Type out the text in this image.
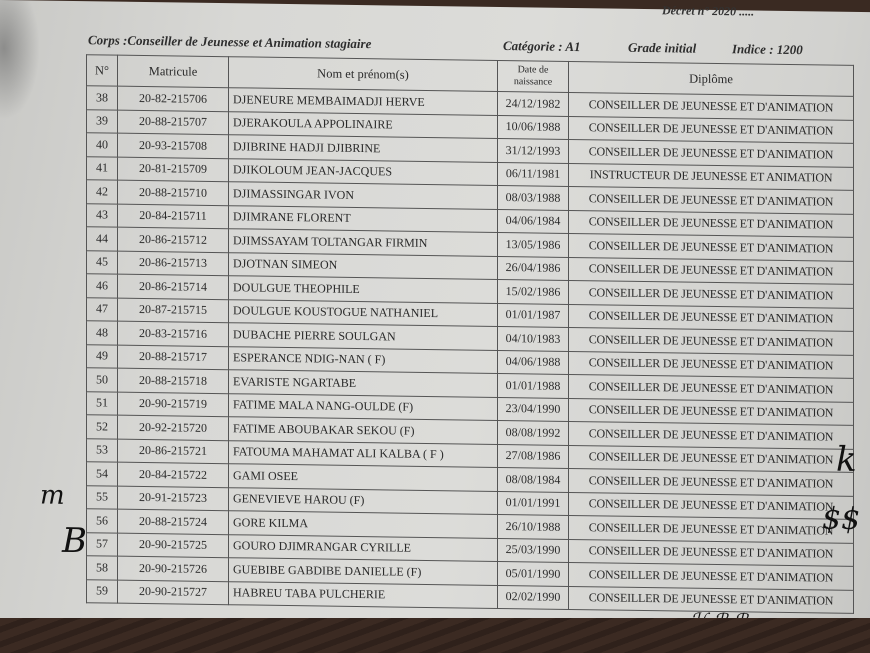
Décret n° 2020 .....
Corps :Conseiller de Jeunesse et Animation stagiaire	Catégorie : A1	Grade initial	Indice : 1200
N°	Matricule	Nom et prénom(s)	Date de naissance	Diplôme
38	20-82-215706	DJENEURE MEMBAIMADJI HERVE	24/12/1982	CONSEILLER DE JEUNESSE ET D'ANIMATION
39	20-88-215707	DJERAKOULA APPOLINAIRE	10/06/1988	CONSEILLER DE JEUNESSE ET D'ANIMATION
40	20-93-215708	DJIBRINE HADJI DJIBRINE	31/12/1993	CONSEILLER DE JEUNESSE ET D'ANIMATION
41	20-81-215709	DJIKOLOUM JEAN-JACQUES	06/11/1981	INSTRUCTEUR DE JEUNESSE ET ANIMATION
42	20-88-215710	DJIMASSINGAR IVON	08/03/1988	CONSEILLER DE JEUNESSE ET D'ANIMATION
43	20-84-215711	DJIMRANE FLORENT	04/06/1984	CONSEILLER DE JEUNESSE ET D'ANIMATION
44	20-86-215712	DJIMSSAYAM TOLTANGAR FIRMIN	13/05/1986	CONSEILLER DE JEUNESSE ET D'ANIMATION
45	20-86-215713	DJOTNAN SIMEON	26/04/1986	CONSEILLER DE JEUNESSE ET D'ANIMATION
46	20-86-215714	DOULGUE THEOPHILE	15/02/1986	CONSEILLER DE JEUNESSE ET D'ANIMATION
47	20-87-215715	DOULGUE KOUSTOGUE NATHANIEL	01/01/1987	CONSEILLER DE JEUNESSE ET D'ANIMATION
48	20-83-215716	DUBACHE PIERRE SOULGAN	04/10/1983	CONSEILLER DE JEUNESSE ET D'ANIMATION
49	20-88-215717	ESPERANCE NDIG-NAN ( F)	04/06/1988	CONSEILLER DE JEUNESSE ET D'ANIMATION
50	20-88-215718	EVARISTE NGARTABE	01/01/1988	CONSEILLER DE JEUNESSE ET D'ANIMATION
51	20-90-215719	FATIME MALA NANG-OULDE (F)	23/04/1990	CONSEILLER DE JEUNESSE ET D'ANIMATION
52	20-92-215720	FATIME ABOUBAKAR SEKOU (F)	08/08/1992	CONSEILLER DE JEUNESSE ET D'ANIMATION
53	20-86-215721	FATOUMA MAHAMAT ALI KALBA ( F )	27/08/1986	CONSEILLER DE JEUNESSE ET D'ANIMATION
54	20-84-215722	GAMI OSEE	08/08/1984	CONSEILLER DE JEUNESSE ET D'ANIMATION
55	20-91-215723	GENEVIEVE HAROU (F)	01/01/1991	CONSEILLER DE JEUNESSE ET D'ANIMATION
56	20-88-215724	GORE KILMA	26/10/1988	CONSEILLER DE JEUNESSE ET D'ANIMATION
57	20-90-215725	GOURO DJIMRANGAR CYRILLE	25/03/1990	CONSEILLER DE JEUNESSE ET D'ANIMATION
58	20-90-215726	GUEBIBE GABDIBE DANIELLE (F)	05/01/1990	CONSEILLER DE JEUNESSE ET D'ANIMATION
59	20-90-215727	HABREU TABA PULCHERIE	02/02/1990	CONSEILLER DE JEUNESSE ET D'ANIMATION
m
B
k
$$
